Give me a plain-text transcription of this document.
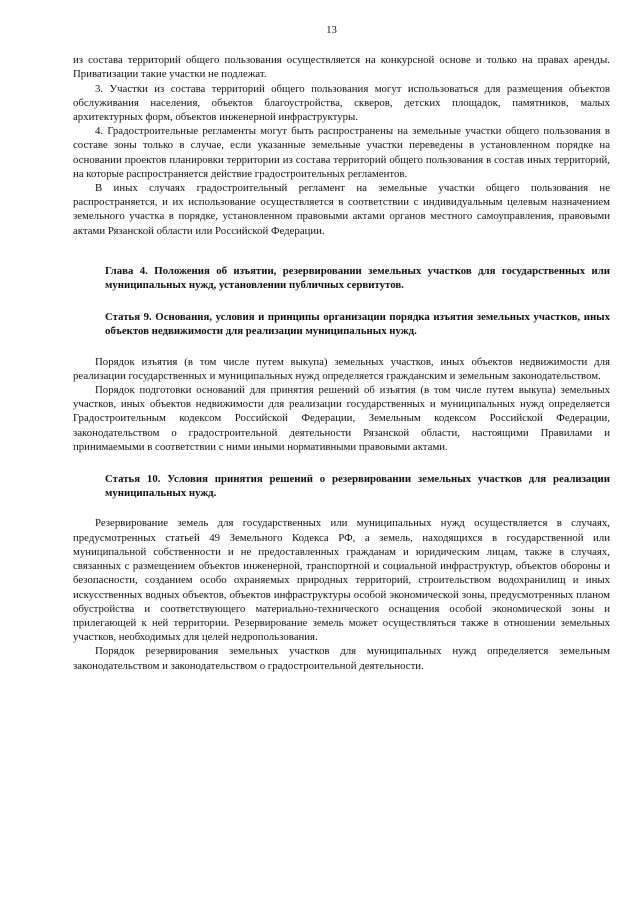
13

из состава территорий общего пользования осуществляется на конкурсной основе и только на правах аренды. Приватизации такие участки не подлежат.

3. Участки из состава территорий общего пользования могут использоваться для размещения объектов обслуживания населения, объектов благоустройства, скверов, детских площадок, памятников, малых архитектурных форм, объектов инженерной инфраструктуры.

4. Градостроительные регламенты могут быть распространены на земельные участки общего пользования в составе зоны только в случае, если указанные земельные участки переведены в установленном порядке на основании проектов планировки территории из состава территорий общего пользования в состав иных территорий, на которые распространяется действие градостроительных регламентов.

В иных случаях градостроительный регламент на земельные участки общего пользования не распространяется, и их использование осуществляется в соответствии с индивидуальным целевым назначением земельного участка в порядке, установленном правовыми актами органов местного самоуправления, правовыми актами Рязанской области или Российской Федерации.

Глава 4. Положения об изъятии, резервировании земельных участков для государственных или муниципальных нужд, установлении публичных сервитутов.

Статья 9. Основания, условия и принципы организации порядка изъятия земельных участков, иных объектов недвижимости для реализации муниципальных нужд.

Порядок изъятия (в том числе путем выкупа) земельных участков, иных объектов недвижимости для реализации государственных и муниципальных нужд определяется гражданским и земельным законодательством.

Порядок подготовки оснований для принятия решений об изъятия (в том числе путем выкупа) земельных участков, иных объектов недвижимости для реализации государственных и муниципальных нужд определяется Градостроительным кодексом Российской Федерации, Земельным кодексом Российской Федерации, законодательством о градостроительной деятельности Рязанской области, настоящими Правилами и принимаемыми в соответствии с ними иными нормативными правовыми актами.

Статья 10. Условия принятия решений о резервировании земельных участков для реализации муниципальных нужд.

Резервирование земель для государственных или муниципальных нужд осуществляется в случаях, предусмотренных статьей 49 Земельного Кодекса РФ, а земель, находящихся в государственной или муниципальной собственности и не предоставленных гражданам и юридическим лицам, также в случаях, связанных с размещением объектов инженерной, транспортной и социальной инфраструктур, объектов обороны и безопасности, созданием особо охраняемых природных территорий, строительством водохранилищ и иных искусственных водных объектов, объектов инфраструктуры особой экономической зоны, предусмотренных планом обустройства и соответствующего материально-технического оснащения особой экономической зоны и прилегающей к ней территории. Резервирование земель может осуществляться также в отношении земельных участков, необходимых для целей недропользования.

Порядок резервирования земельных участков для муниципальных нужд определяется земельным законодательством и законодательством о градостроительной деятельности.
